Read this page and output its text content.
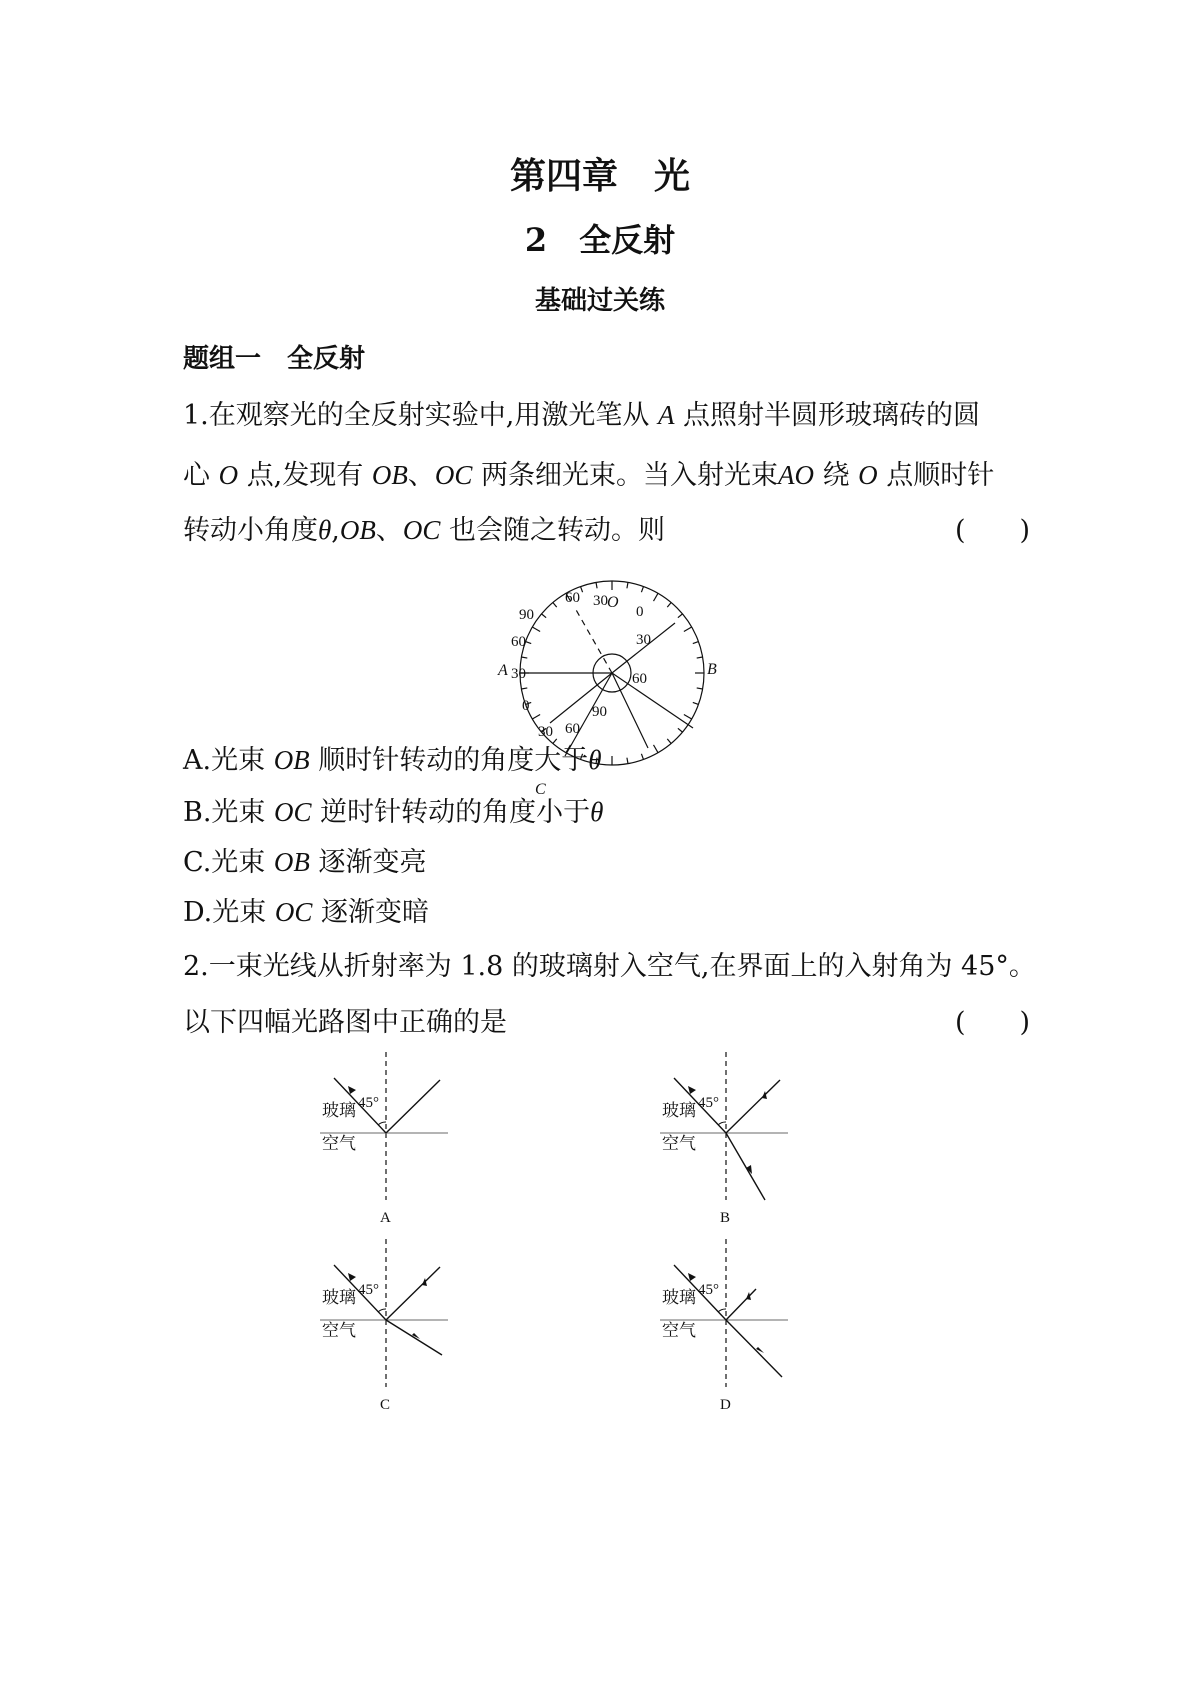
第四章　光
2　全反射
基础过关练
题组一　全反射
1.在观察光的全反射实验中,用激光笔从 A 点照射半圆形玻璃砖的圆
心 O 点,发现有 OB、OC 两条细光束。当入射光束AO 绕 O 点顺时针
转动小角度θ,OB、OC 也会随之转动。则	(　　)
A
O
B
C
60 30
90	0
60	30
30	60
0
30 60
90
A.光束 OB 顺时针转动的角度大于θ
B.光束 OC 逆时针转动的角度小于θ
C.光束 OB 逐渐变亮
D.光束 OC 逐渐变暗
2.一束光线从折射率为 1.8 的玻璃射入空气,在界面上的入射角为 45°。
以下四幅光路图中正确的是	(　　)
45°
玻璃
空气
A
45°
玻璃
空气
B
45°
玻璃
空气
C
45°
玻璃
空气
D
